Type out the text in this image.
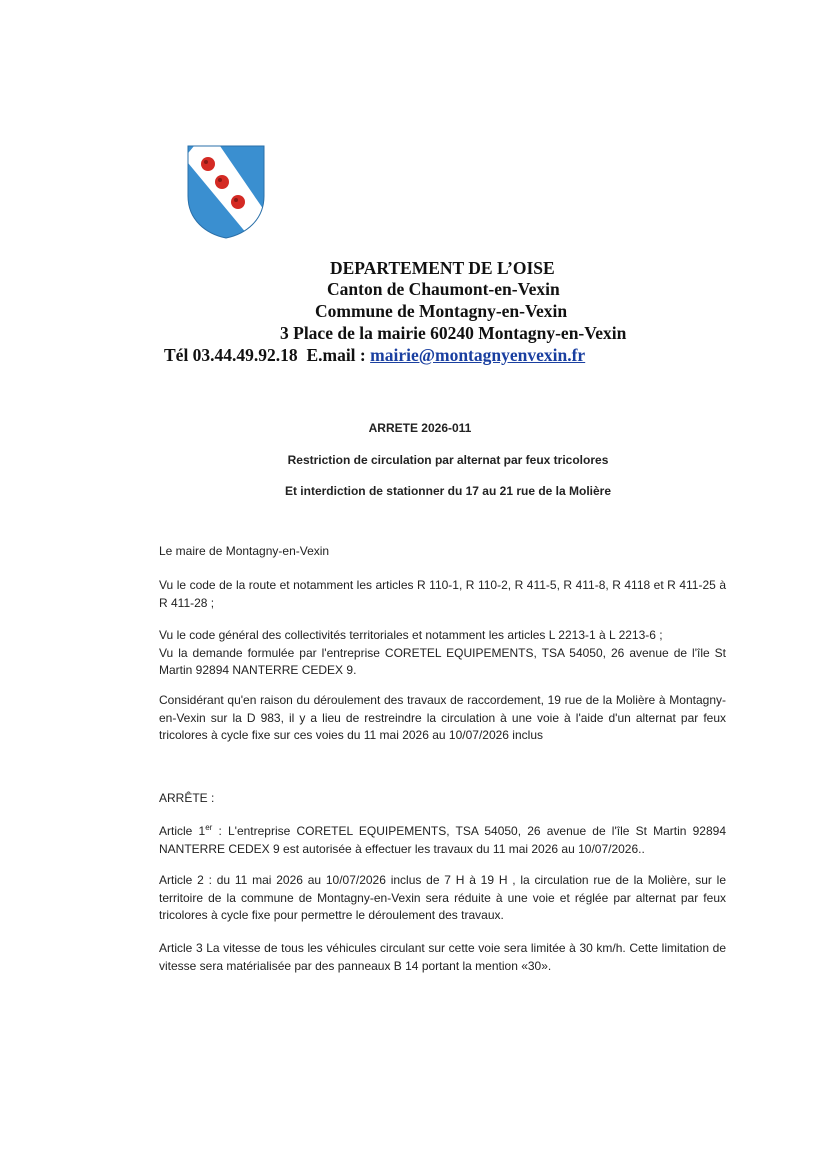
DEPARTEMENT DE L’OISE
Canton de Chaumont-en-Vexin
Commune de Montagny-en-Vexin
3 Place de la mairie 60240 Montagny-en-Vexin
Tél 03.44.49.92.18 E.mail : mairie@montagnyenvexin.fr
ARRETE 2026-011
Restriction de circulation par alternat par feux tricolores
Et interdiction de stationner du 17 au 21 rue de la Molière

Le maire de Montagny-en-Vexin

Vu le code de la route et notamment les articles R 110-1, R 110-2, R 411-5, R 411-8, R 4118 et R 411-25 à R 411-28 ;

Vu le code général des collectivités territoriales et notamment les articles L 2213-1 à L 2213-6 ;

Vu la demande formulée par l'entreprise CORETEL EQUIPEMENTS, TSA 54050, 26 avenue de l'île St Martin 92894 NANTERRE CEDEX 9.

Considérant qu'en raison du déroulement des travaux de raccordement, 19 rue de la Molière à Montagny-en-Vexin sur la D 983, il y a lieu de restreindre la circulation à une voie à l'aide d'un alternat par feux tricolores à cycle fixe sur ces voies du 11 mai 2026 au 10/07/2026 inclus

ARRÊTE :

Article 1er : L'entreprise CORETEL EQUIPEMENTS, TSA 54050, 26 avenue de l'île St Martin 92894 NANTERRE CEDEX 9 est autorisée à effectuer les travaux du 11 mai 2026 au 10/07/2026..

Article 2 : du 11 mai 2026 au 10/07/2026 inclus de 7 H à 19 H , la circulation rue de la Molière, sur le territoire de la commune de Montagny-en-Vexin sera réduite à une voie et réglée par alternat par feux tricolores à cycle fixe pour permettre le déroulement des travaux.

Article 3 La vitesse de tous les véhicules circulant sur cette voie sera limitée à 30 km/h. Cette limitation de vitesse sera matérialisée par des panneaux B 14 portant la mention «30».
